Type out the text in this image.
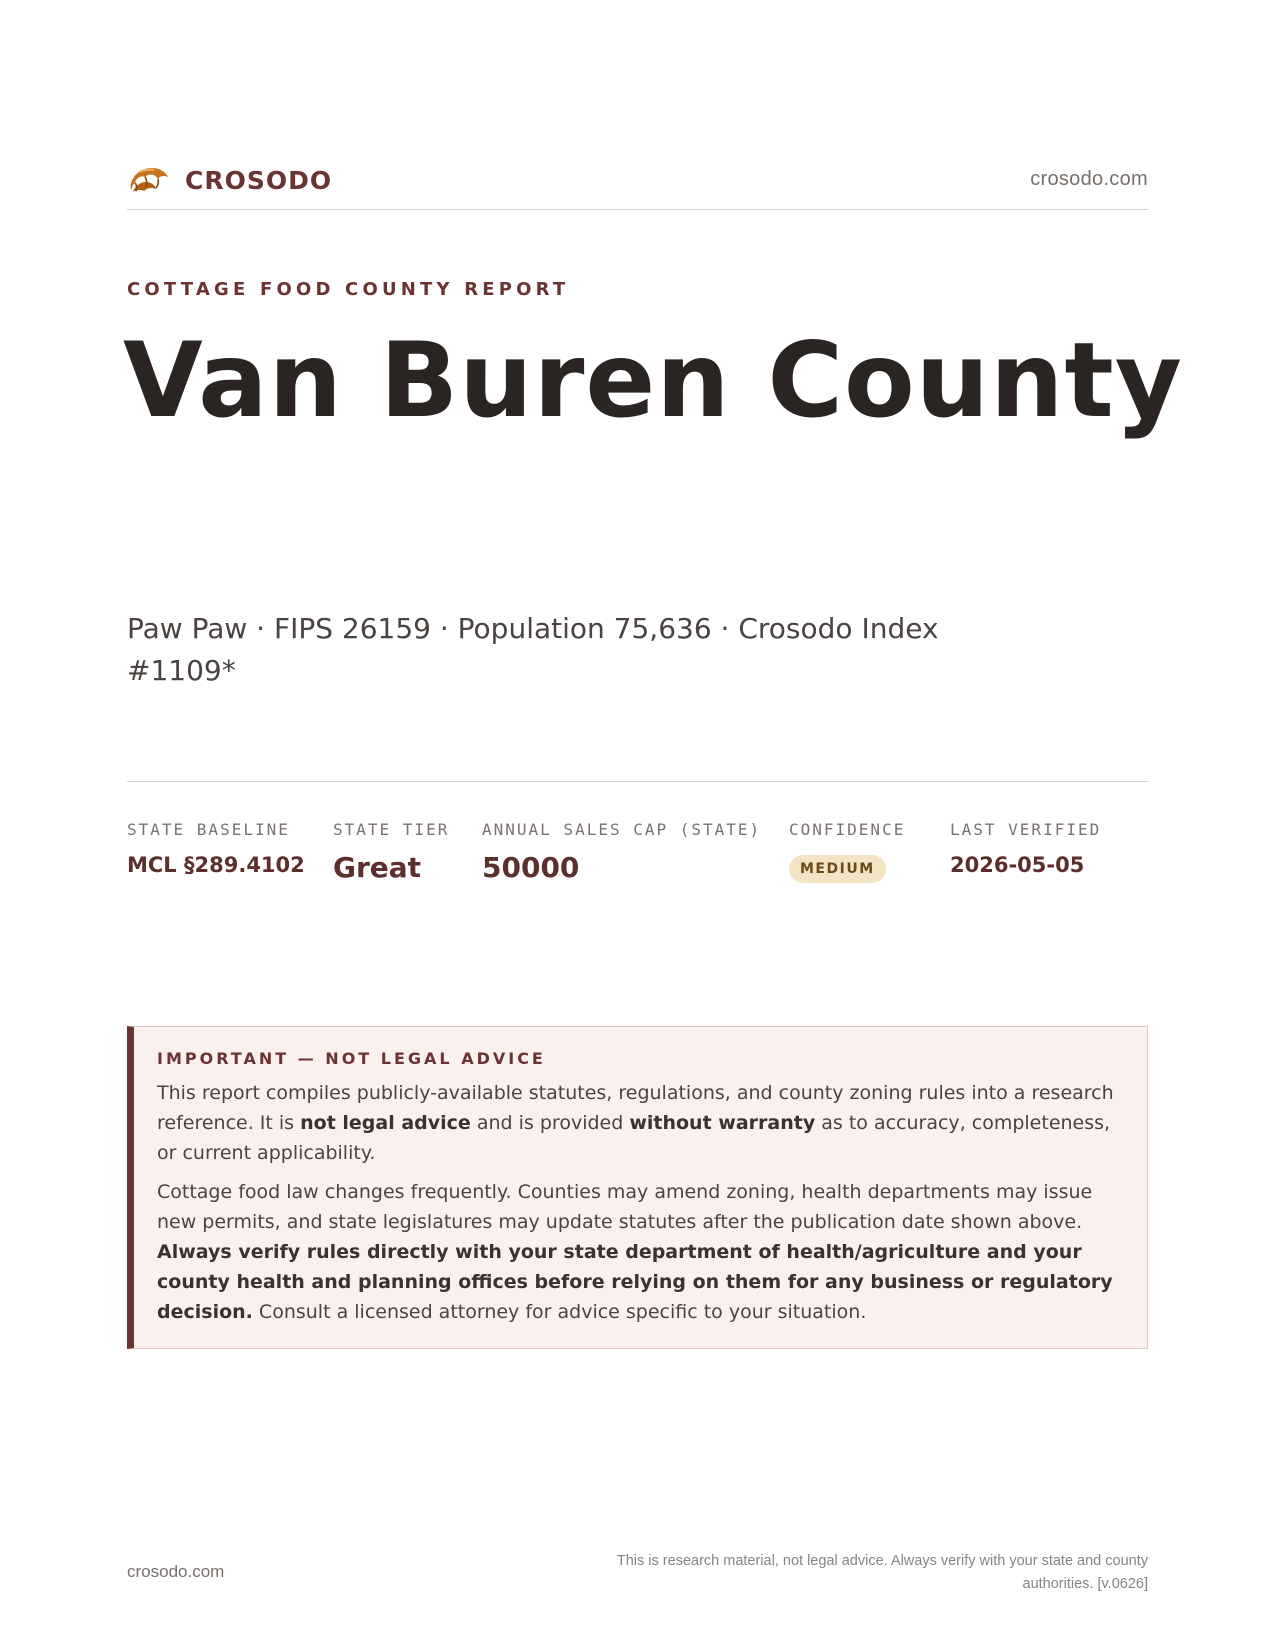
CROSODO	crosodo.com
COTTAGE FOOD COUNTY REPORT
Van Buren County
Paw Paw · FIPS 26159 · Population 75,636 · Crosodo Index #1109*
STATE BASELINE
MCL §289.4102
STATE TIER
Great
ANNUAL SALES CAP (STATE)
50000
CONFIDENCE
MEDIUM
LAST VERIFIED
2026-05-05
IMPORTANT — NOT LEGAL ADVICE

This report compiles publicly-available statutes, regulations, and county zoning rules into a research reference. It is not legal advice and is provided without warranty as to accuracy, completeness, or current applicability.

Cottage food law changes frequently. Counties may amend zoning, health departments may issue new permits, and state legislatures may update statutes after the publication date shown above. Always verify rules directly with your state department of health/agriculture and your county health and planning offices before relying on them for any business or regulatory decision. Consult a licensed attorney for advice specific to your situation.

crosodo.com
This is research material, not legal advice. Always verify with your state and county authorities. [v.0626]
